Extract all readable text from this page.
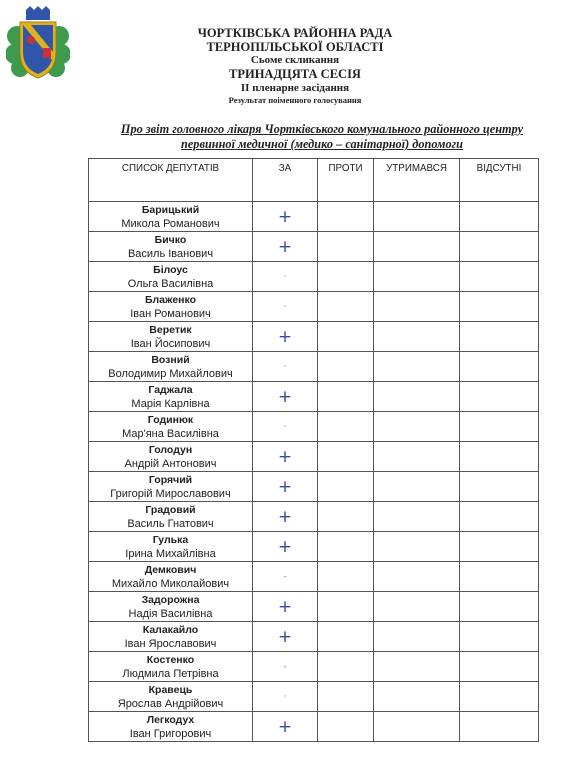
ЧОРТКІВСЬКА РАЙОННА РАДА
ТЕРНОПІЛЬСЬКОЇ ОБЛАСТІ
Сьоме скликання
ТРИНАДЦЯТА СЕСІЯ
ІІ пленарне засідання
Результат поіменного голосування
Про звіт головного лікаря Чортківського комунального районного центру
первинної медичної (медико – санітарної) допомоги
СПИСОК ДЕПУТАТІВ	ЗА	ПРОТИ	УТРИМАВСЯ	ВІДСУТНІ

Барицький
Микола Романович	+			

Бичко
Василь Іванович	+			

Білоус
Ольга Василівна	·			

Блаженко
Іван Романович	·			

Веретик
Іван Йосипович	+			

Возний
Володимир Михайлович	·			

Гаджала
Марія Карлівна	+			

Годинюк
Мар'яна Василівна	·			

Голодун
Андрій Антонович	+			

Горячий
Григорій Мирославович	+			

Градовий
Василь Гнатович	+			

Гулька
Ірина Михайлівна	+			

Демкович
Михайло Миколайович	-			

Задорожна
Надія Василівна	+			

Калакайло
Іван Ярославович	+			

Костенко
Людмила Петрівна	-			

Кравець
Ярослав Андрійович	·			

Легкодух
Іван Григорович	+			
